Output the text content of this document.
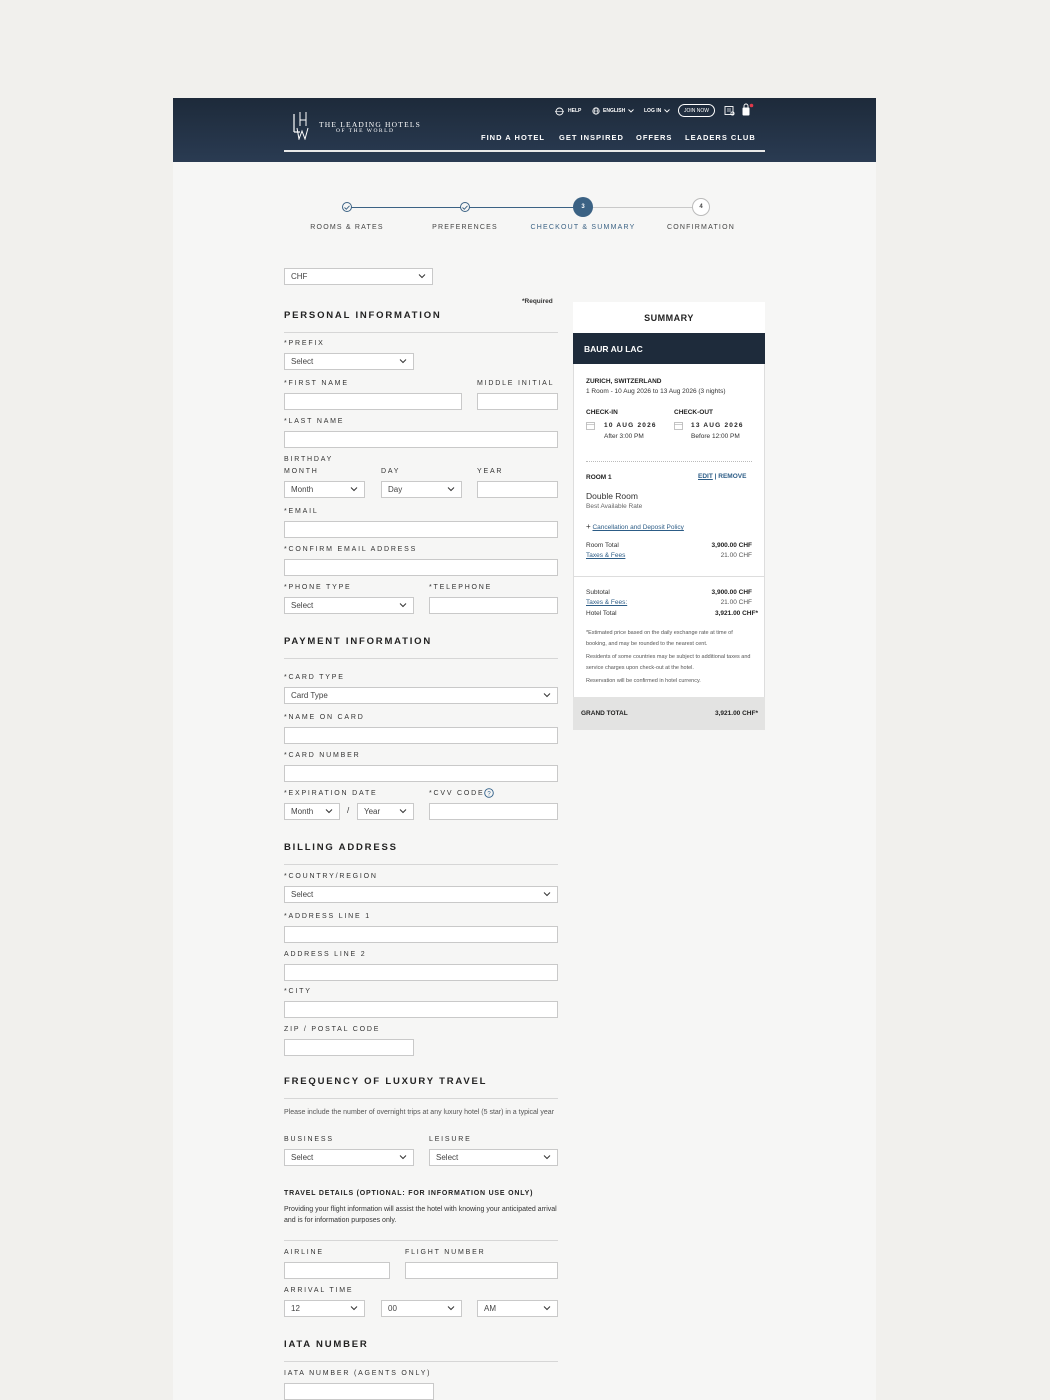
THE LEADING HOTELS
OF THE WORLD
HELP	ENGLISH	LOG IN	JOIN NOW
FIND A HOTEL GET INSPIRED OFFERS LEADERS CLUB
3	4
ROOMS & RATES	PREFERENCES	CHECKOUT & SUMMARY	CONFIRMATION
CHF
*Required
PERSONAL INFORMATION
*PREFIX
Select
*FIRST NAME	MIDDLE INITIAL
*LAST NAME
BIRTHDAY
MONTH	DAY	YEAR
Month	Day
*EMAIL
*CONFIRM EMAIL ADDRESS
*PHONE TYPE	*TELEPHONE
Select
PAYMENT INFORMATION
*CARD TYPE
Card Type
*NAME ON CARD
*CARD NUMBER
*EXPIRATION DATE	*CVV CODE ?
Month	/ Year
BILLING ADDRESS
*COUNTRY/REGION
Select
*ADDRESS LINE 1
ADDRESS LINE 2
*CITY
ZIP / POSTAL CODE
FREQUENCY OF LUXURY TRAVEL
Please include the number of overnight trips at any luxury hotel (5 star) in a typical year
BUSINESS	LEISURE
Select	Select
TRAVEL DETAILS (OPTIONAL: FOR INFORMATION USE ONLY)
Providing your flight information will assist the hotel with knowing your anticipated arrival and is for information purposes only.
AIRLINE	FLIGHT NUMBER
ARRIVAL TIME
12	00	AM
IATA NUMBER
IATA NUMBER (AGENTS ONLY)
SUMMARY
BAUR AU LAC
ZURICH, SWITZERLAND
1 Room - 10 Aug 2026 to 13 Aug 2026 (3 nights)
CHECK-IN
10 AUG 2026
After 3:00 PM
CHECK-OUT
13 AUG 2026
Before 12:00 PM
ROOM 1	EDIT | REMOVE
Double Room
Best Available Rate
+ Cancellation and Deposit Policy
Room Total	3,900.00 CHF
Taxes & Fees	21.00 CHF
Subtotal	3,900.00 CHF
Taxes & Fees:	21.00 CHF
Hotel Total	3,921.00 CHF*
*Estimated price based on the daily exchange rate at time of booking, and may be rounded to the nearest cent.
Residents of some countries may be subject to additional taxes and service charges upon check-out at the hotel.
Reservation will be confirmed in hotel currency.
GRAND TOTAL	3,921.00 CHF*
